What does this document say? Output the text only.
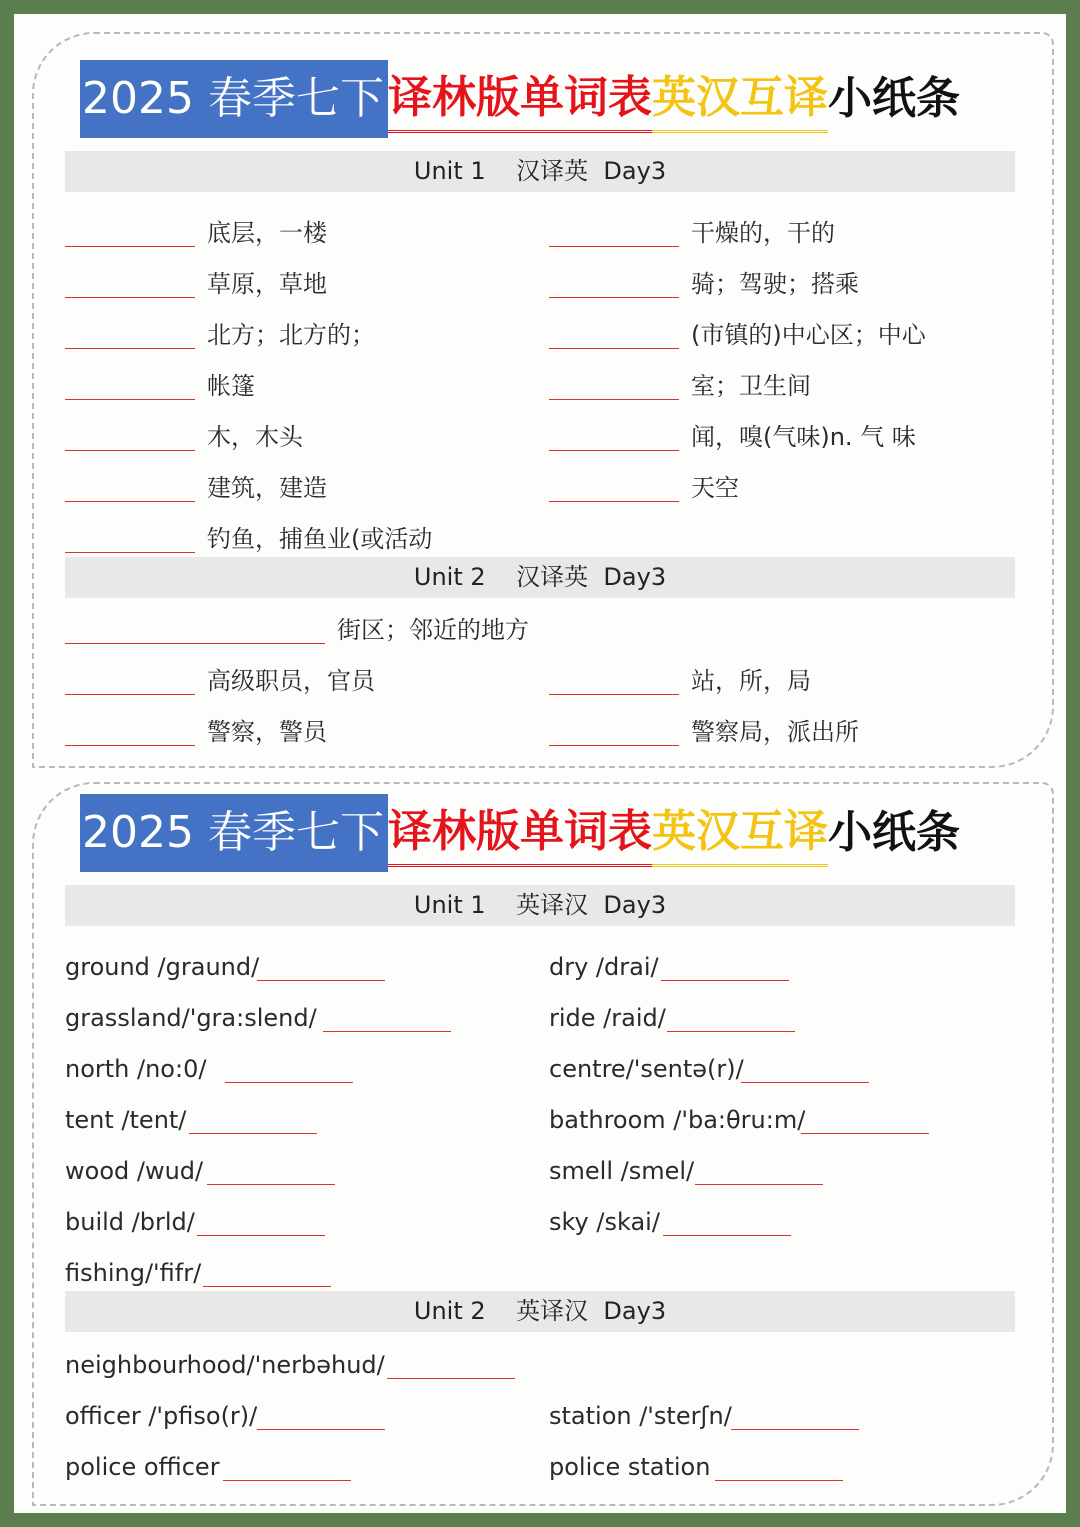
2025 春季七下 译林版单词表 英汉互译 小纸条
Unit 1    汉译英  Day3
底层，一楼	干燥的，干的
草原，草地	骑；驾驶；搭乘
北方；北方的；	(市镇的)中心区；中心
帐篷	室；卫生间
木，木头	闻，嗅(气味)n. 气 味
建筑，建造	天空
钓鱼，捕鱼业(或活动
Unit 2    汉译英  Day3
街区；邻近的地方
高级职员，官员	站，所，局
警察，警员	警察局，派出所
2025 春季七下 译林版单词表 英汉互译 小纸条
Unit 1    英译汉  Day3
ground /graund/	dry /drai/
grassland/'gra:slend/	ride /raid/
north /no:0/	centre/'sentə(r)/
tent /tent/	bathroom /'ba:θru:m/
wood /wud/	smell /smel/
build /brld/	sky /skai/
fishing/'fifr/
Unit 2    英译汉  Day3
neighbourhood/'nerbəhud/
officer /'pfiso(r)/	station /'sterʃn/
police officer	police station
